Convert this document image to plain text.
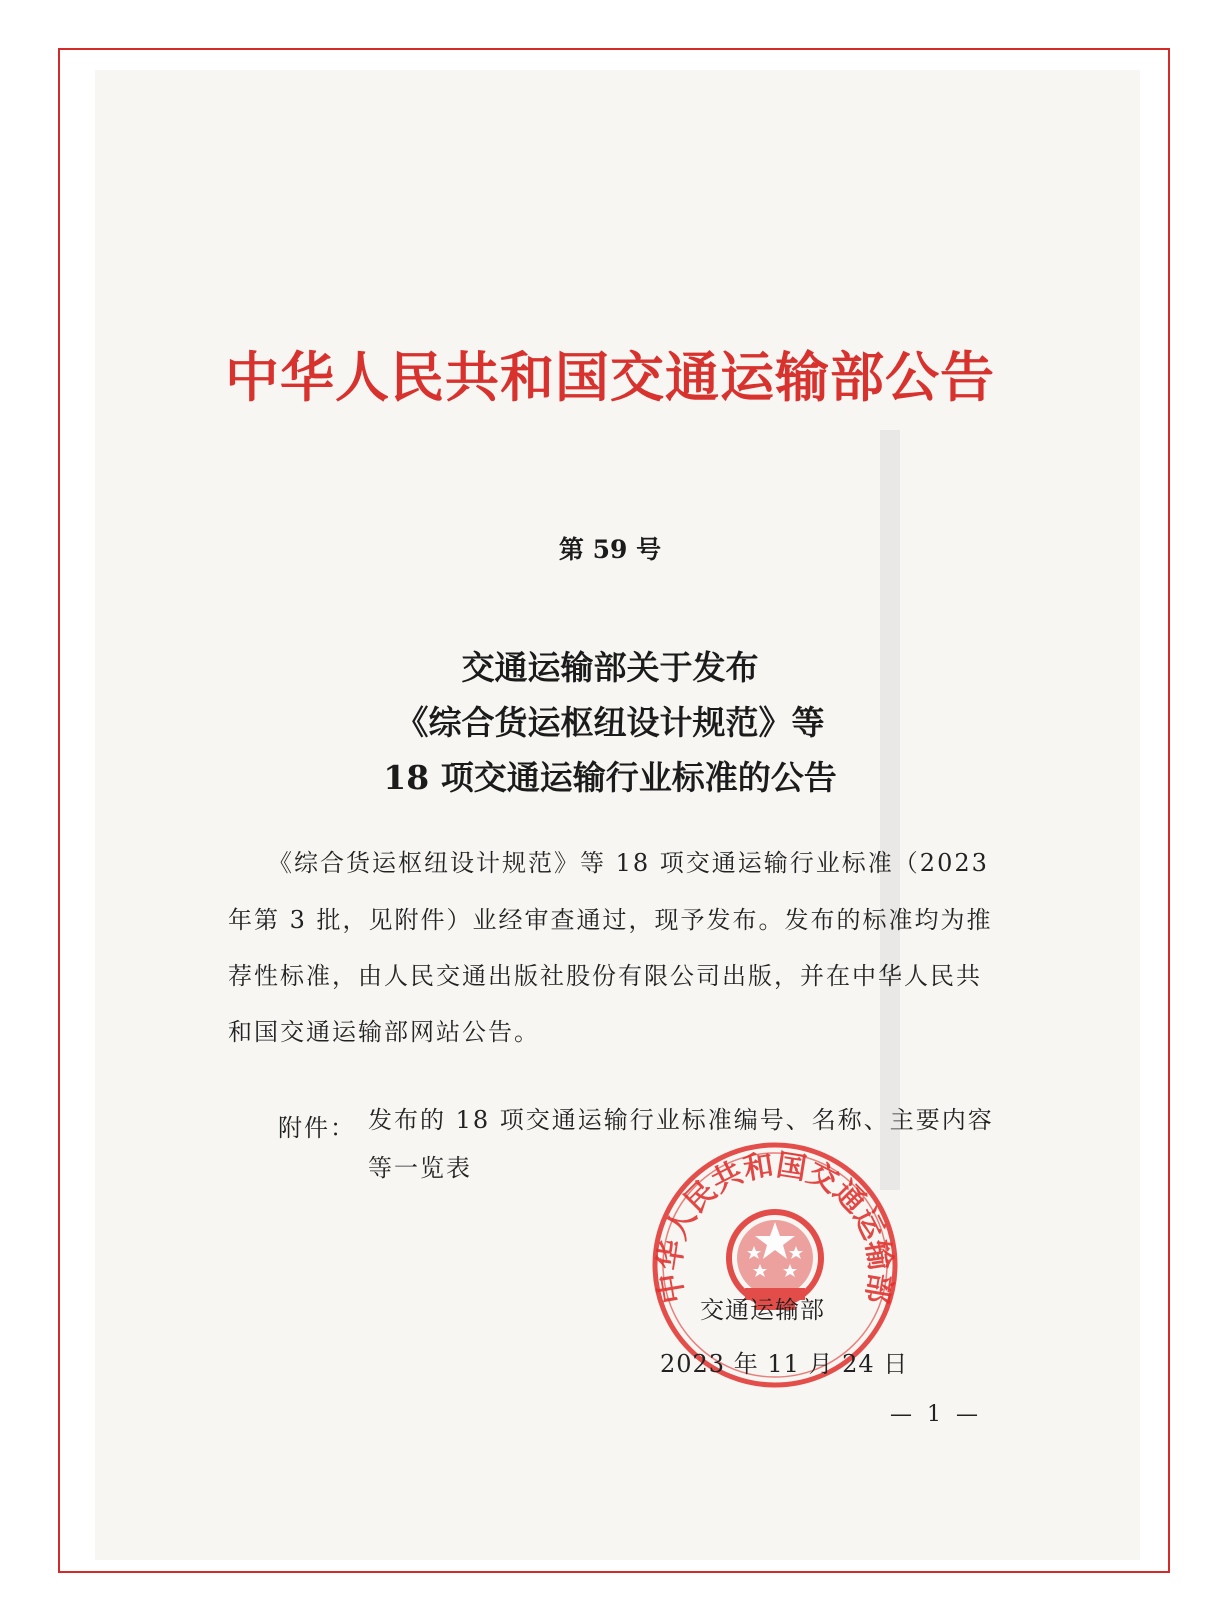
中华人民共和国交通运输部公告
第 59 号
交通运输部关于发布
《综合货运枢纽设计规范》等
18 项交通运输行业标准的公告
《综合货运枢纽设计规范》等 18 项交通运输行业标准（2023
年第 3 批，见附件）业经审查通过，现予发布。发布的标准均为推
荐性标准，由人民交通出版社股份有限公司出版，并在中华人民共
和国交通运输部网站公告。
附件： 发布的 18 项交通运输行业标准编号、名称、主要内容
等一览表
中华人民共和国交通运输部
交通运输部
2023 年 11 月 24 日
— 1 —
